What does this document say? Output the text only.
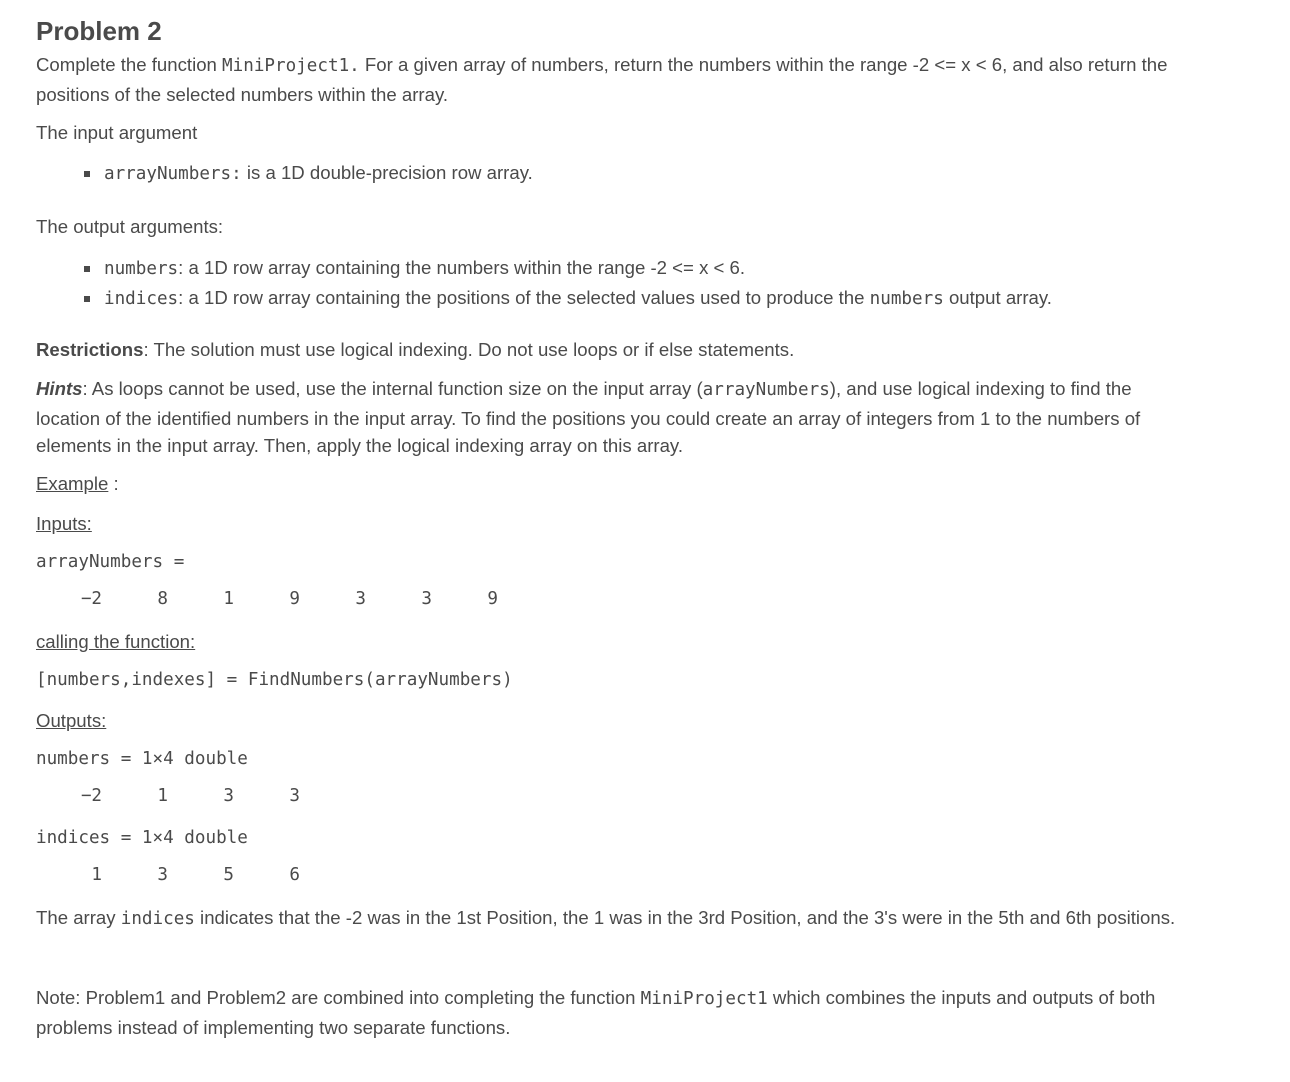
Problem 2
Complete the function MiniProject1. For a given array of numbers, return the numbers within the range -2 <= x < 6, and also return the
positions of the selected numbers within the array.
The input argument
arrayNumbers: is a 1D double-precision row array.
The output arguments:
numbers: a 1D row array containing the numbers within the range -2 <= x < 6.
indices: a 1D row array containing the positions of the selected values used to produce the numbers output array.
Restrictions: The solution must use logical indexing. Do not use loops or if else statements.
Hints: As loops cannot be used, use the internal function size on the input array (arrayNumbers), and use logical indexing to find the
location of the identified numbers in the input array. To find the positions you could create an array of integers from 1 to the numbers of
elements in the input array. Then, apply the logical indexing array on this array.
Example :
Inputs:
arrayNumbers =
−2	8	1	9	3	3	9
calling the function:
[numbers,indexes] = FindNumbers(arrayNumbers)
Outputs:
numbers = 1×4 double
−2	1	3	3
indices = 1×4 double
1	3	5	6
The array indices indicates that the -2 was in the 1st Position, the 1 was in the 3rd Position, and the 3's were in the 5th and 6th positions.
Note: Problem1 and Problem2 are combined into completing the function MiniProject1 which combines the inputs and outputs of both
problems instead of implementing two separate functions.
